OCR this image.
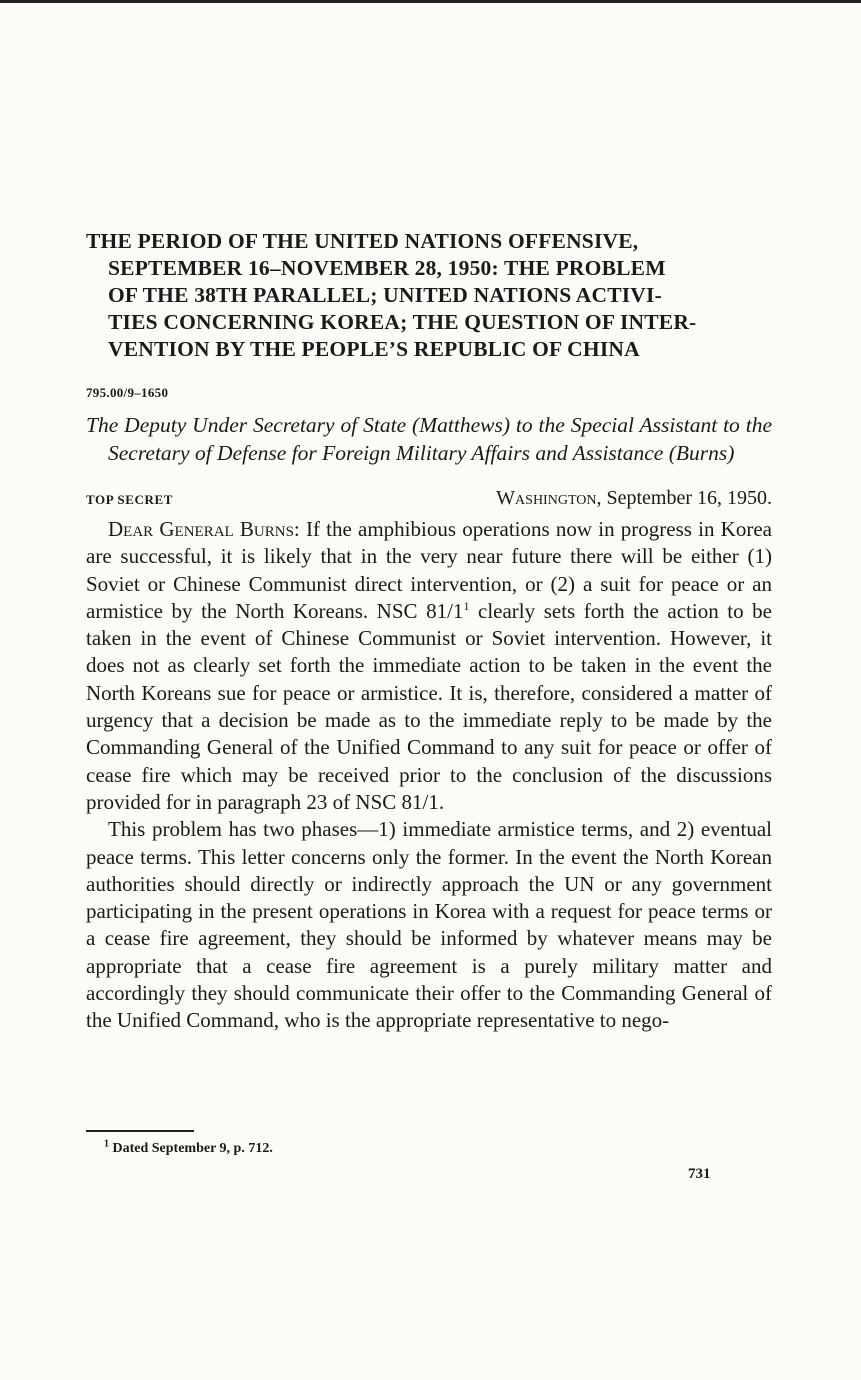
THE PERIOD OF THE UNITED NATIONS OFFENSIVE,
SEPTEMBER 16–NOVEMBER 28, 1950: THE PROBLEM
OF THE 38TH PARALLEL; UNITED NATIONS ACTIVI-
TIES CONCERNING KOREA; THE QUESTION OF INTER-
VENTION BY THE PEOPLE’S REPUBLIC OF CHINA
795.00/9–1650
The Deputy Under Secretary of State (Matthews) to the Special Assistant to the Secretary of Defense for Foreign Military Affairs and Assistance (Burns)
TOP SECRET	Washington, September 16, 1950.

Dear General Burns: If the amphibious operations now in progress in Korea are successful, it is likely that in the very near future there will be either (1) Soviet or Chinese Communist direct intervention, or (2) a suit for peace or an armistice by the North Koreans. NSC 81/1$^1$ clearly sets forth the action to be taken in the event of Chinese Communist or Soviet intervention. However, it does not as clearly set forth the immediate action to be taken in the event the North Koreans sue for peace or armistice. It is, therefore, considered a matter of urgency that a decision be made as to the immediate reply to be made by the Commanding General of the Unified Command to any suit for peace or offer of cease fire which may be received prior to the conclusion of the discussions provided for in paragraph 23 of NSC 81/1.

This problem has two phases—1) immediate armistice terms, and 2) eventual peace terms. This letter concerns only the former. In the event the North Korean authorities should directly or indirectly approach the UN or any government participating in the present operations in Korea with a request for peace terms or a cease fire agreement, they should be informed by whatever means may be appropriate that a cease fire agreement is a purely military matter and accordingly they should communicate their offer to the Commanding General of the Unified Command, who is the appropriate representative to nego-

$^1$ Dated September 9, p. 712.
731
